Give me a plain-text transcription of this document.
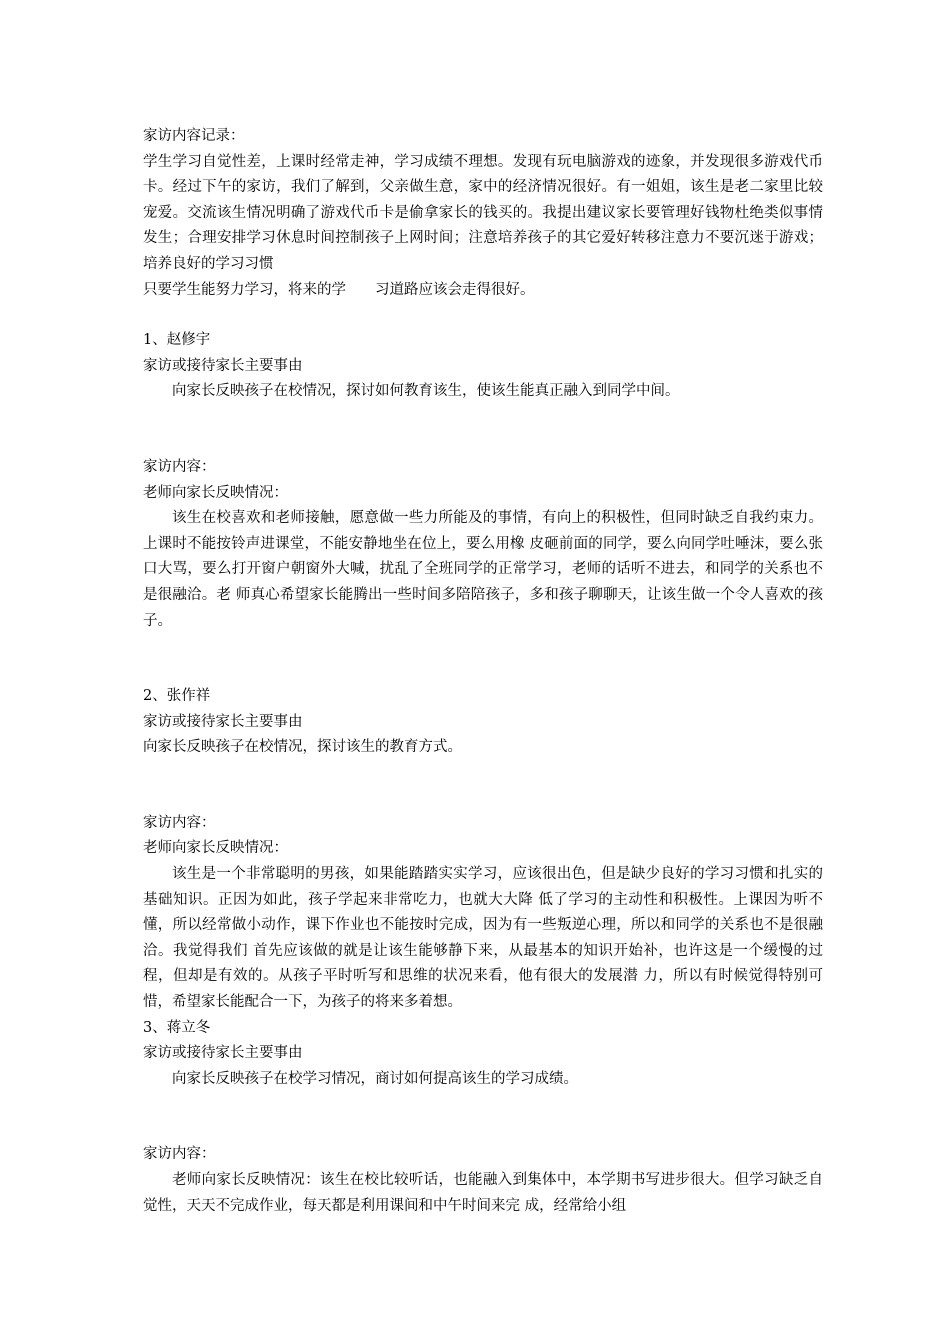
家访内容记录：

学生学习自觉性差，上课时经常走神，学习成绩不理想。发现有玩电脑游戏的迹象，并发现很多游戏代币卡。经过下午的家访，我们了解到，父亲做生意，家中的经济情况很好。有一姐姐，该生是老二家里比较宠爱。交流该生情况明确了游戏代币卡是偷拿家长的钱买的。我提出建议家长要管理好钱物杜绝类似事情发生；合理安排学习休息时间控制孩子上网时间；注意培养孩子的其它爱好转移注意力不要沉迷于游戏；培养良好的学习习惯

只要学生能努力学习，将来的学　　习道路应该会走得很好。

1、赵修宇

家访或接待家长主要事由

向家长反映孩子在校情况，探讨如何教育该生，使该生能真正融入到同学中间。

家访内容：

老师向家长反映情况：

该生在校喜欢和老师接触，愿意做一些力所能及的事情，有向上的积极性，但同时缺乏自我约束力。上课时不能按铃声进课堂，不能安静地坐在位上，要么用橡 皮砸前面的同学，要么向同学吐唾沫，要么张口大骂，要么打开窗户朝窗外大喊，扰乱了全班同学的正常学习，老师的话听不进去，和同学的关系也不是很融洽。老 师真心希望家长能腾出一些时间多陪陪孩子，多和孩子聊聊天，让该生做一个令人喜欢的孩子。

2、张作祥

家访或接待家长主要事由

向家长反映孩子在校情况，探讨该生的教育方式。

家访内容：

老师向家长反映情况：

该生是一个非常聪明的男孩，如果能踏踏实实学习，应该很出色，但是缺少良好的学习习惯和扎实的基础知识。正因为如此，孩子学起来非常吃力，也就大大降 低了学习的主动性和积极性。上课因为听不懂，所以经常做小动作，课下作业也不能按时完成，因为有一些叛逆心理，所以和同学的关系也不是很融洽。我觉得我们 首先应该做的就是让该生能够静下来，从最基本的知识开始补，也许这是一个缓慢的过程，但却是有效的。从孩子平时听写和思维的状况来看，他有很大的发展潜 力，所以有时候觉得特别可惜，希望家长能配合一下，为孩子的将来多着想。

3、蒋立冬

家访或接待家长主要事由

向家长反映孩子在校学习情况，商讨如何提高该生的学习成绩。

家访内容：

老师向家长反映情况：该生在校比较听话，也能融入到集体中，本学期书写进步很大。但学习缺乏自觉性，天天不完成作业，每天都是利用课间和中午时间来完 成，经常给小组
